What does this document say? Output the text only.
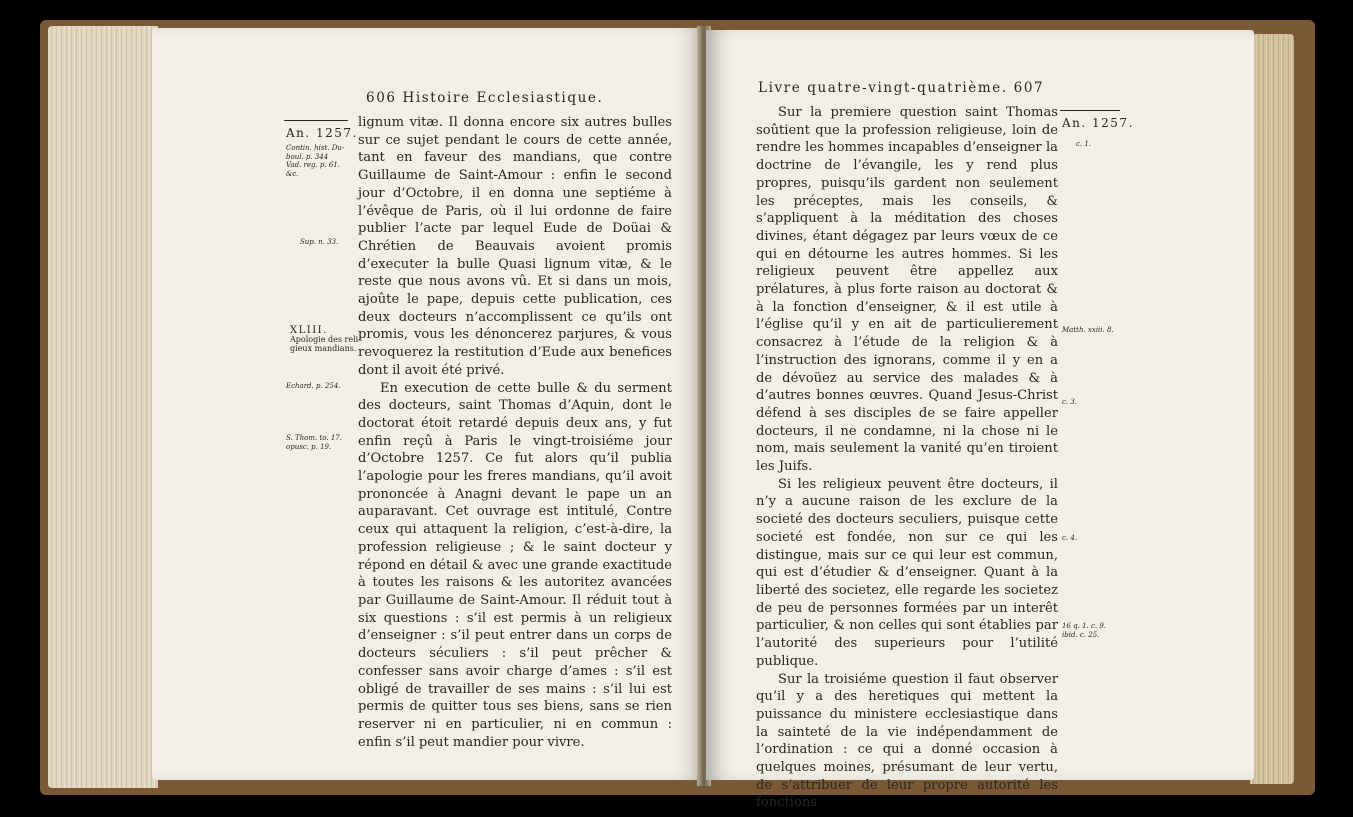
606 Histoire Ecclesiastique.
An. 1257.
Contin. hist. Du-
boul. p. 344
Vad. reg. p. 61.
&c.
Sup. n. 33.
XLIII.
Apologie des reli-
gieux mandians.
Echard. p. 254.
S. Thom. to. 17.
opusc. p. 19.

lignum vitæ. Il donna encore six autres bulles sur ce sujet pendant le cours de cette année, tant en faveur des mandians, que contre Guillaume de Saint-Amour : enfin le second jour d’Octobre, il en donna une septiéme à l’évêque de Paris, où il lui ordonne de faire publier l’acte par lequel Eude de Doüai & Chrétien de Beauvais avoient promis d’executer la bulle Quasi lignum vitæ, & le reste que nous avons vû. Et si dans un mois, ajoûte le pape, depuis cette publication, ces deux docteurs n’accomplissent ce qu’ils ont promis, vous les dénoncerez parjures, & vous revoquerez la restitution d’Eude aux benefices dont il avoit été privé.

En execution de cette bulle & du serment des docteurs, saint Thomas d’Aquin, dont le doctorat étoit retardé depuis deux ans, y fut enfin reçû à Paris le vingt-troisiéme jour d’Octobre 1257. Ce fut alors qu’il publia l’apologie pour les freres mandians, qu’il avoit prononcée à Anagni devant le pape un an auparavant. Cet ouvrage est intitulé, Contre ceux qui attaquent la religion, c’est-à-dire, la profession religieuse ; & le saint docteur y répond en détail & avec une grande exactitude à toutes les raisons & les autoritez avancées par Guillaume de Saint-Amour. Il réduit tout à six questions : s’il est permis à un religieux d’enseigner : s’il peut entrer dans un corps de docteurs séculiers : s’il peut prêcher & confesser sans avoir charge d’ames : s’il est obligé de travailler de ses mains : s’il lui est permis de quitter tous ses biens, sans se rien reserver ni en particulier, ni en commun : enfin s’il peut mandier pour vivre.

Livre quatre-vingt-quatrième. 607
An. 1257.
c. 1.
Matth. xxiii. 8.
c. 3.
c. 4.
16 q. 1. c. 9.
ibid. c. 25.

Sur la premiere question saint Thomas soûtient que la profession religieuse, loin de rendre les hommes incapables d’enseigner la doctrine de l’évangile, les y rend plus propres, puisqu’ils gardent non seulement les préceptes, mais les conseils, & s’appliquent à la méditation des choses divines, étant dégagez par leurs vœux de ce qui en détourne les autres hommes. Si les religieux peuvent être appellez aux prélatures, à plus forte raison au doctorat & à la fonction d’enseigner, & il est utile à l’église qu’il y en ait de particulierement consacrez à l’étude de la religion & à l’instruction des ignorans, comme il y en a de dévoüez au service des malades & à d’autres bonnes œuvres. Quand Jesus-Christ défend à ses disciples de se faire appeller docteurs, il ne condamne, ni la chose ni le nom, mais seulement la vanité qu’en tiroient les Juifs.

Si les religieux peuvent être docteurs, il n’y a aucune raison de les exclure de la societé des docteurs seculiers, puisque cette societé est fondée, non sur ce qui les distingue, mais sur ce qui leur est commun, qui est d’étudier & d’enseigner. Quant à la liberté des societez, elle regarde les societez de peu de personnes formées par un interêt particulier, & non celles qui sont établies par l’autorité des superieurs pour l’utilité publique.

Sur la troisiéme question il faut observer qu’il y a des heretiques qui mettent la puissance du ministere ecclesiastique dans la sainteté de la vie indépendamment de l’ordination : ce qui a donné occasion à quelques moines, présumant de leur vertu, de s’attribuer de leur propre autorité les fonctions
